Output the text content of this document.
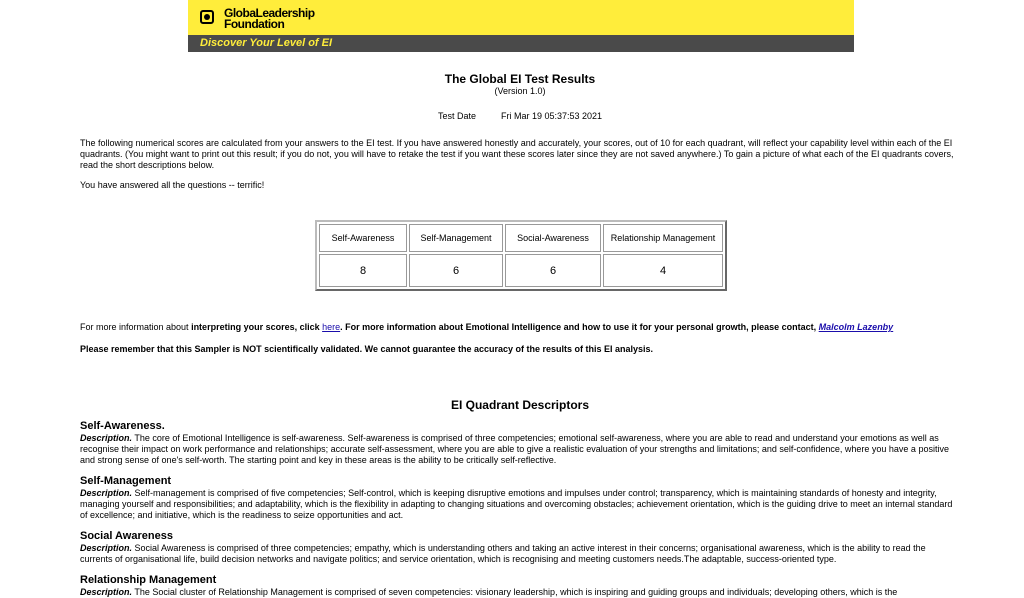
GlobaLeadership
Foundation
Discover Your Level of EI
The Global EI Test Results
(Version 1.0)
Test Date	Fri Mar 19 05:37:53 2021
The following numerical scores are calculated from your answers to the EI test. If you have answered honestly and accurately, your scores, out of 10 for each quadrant, will reflect your capability level within each of the EI quadrants. (You might want to print out this result; if you do not, you will have to retake the test if you want these scores later since they are not saved anywhere.) To gain a picture of what each of the EI quadrants covers, read the short descriptions below.
You have answered all the questions -- terrific!
Self-Awareness	Self-Management	Social-Awareness	Relationship Management
8	6	6	4
For more information about interpreting your scores, click here. For more information about Emotional Intelligence and how to use it for your personal growth, please contact, Malcolm Lazenby
Please remember that this Sampler is NOT scientifically validated. We cannot guarantee the accuracy of the results of this EI analysis.
EI Quadrant Descriptors
Self-Awareness.

Description. The core of Emotional Intelligence is self-awareness. Self-awareness is comprised of three competencies; emotional self-awareness, where you are able to read and understand your emotions as well as recognise their impact on work performance and relationships; accurate self-assessment, where you are able to give a realistic evaluation of your strengths and limitations; and self-confidence, where you have a positive and strong sense of one's self-worth. The starting point and key in these areas is the ability to be critically self-reflective.

Self-Management

Description. Self-management is comprised of five competencies; Self-control, which is keeping disruptive emotions and impulses under control; transparency, which is maintaining standards of honesty and integrity, managing yourself and responsibilities; and adaptability, which is the flexibility in adapting to changing situations and overcoming obstacles; achievement orientation, which is the guiding drive to meet an internal standard of excellence; and initiative, which is the readiness to seize opportunities and act.

Social Awareness

Description. Social Awareness is comprised of three competencies; empathy, which is understanding others and taking an active interest in their concerns; organisational awareness, which is the ability to read the currents of organisational life, build decision networks and navigate politics; and service orientation, which is recognising and meeting customers needs.The adaptable, success-oriented type.

Relationship Management

Description. The Social cluster of Relationship Management is comprised of seven competencies: visionary leadership, which is inspiring and guiding groups and individuals; developing others, which is the
